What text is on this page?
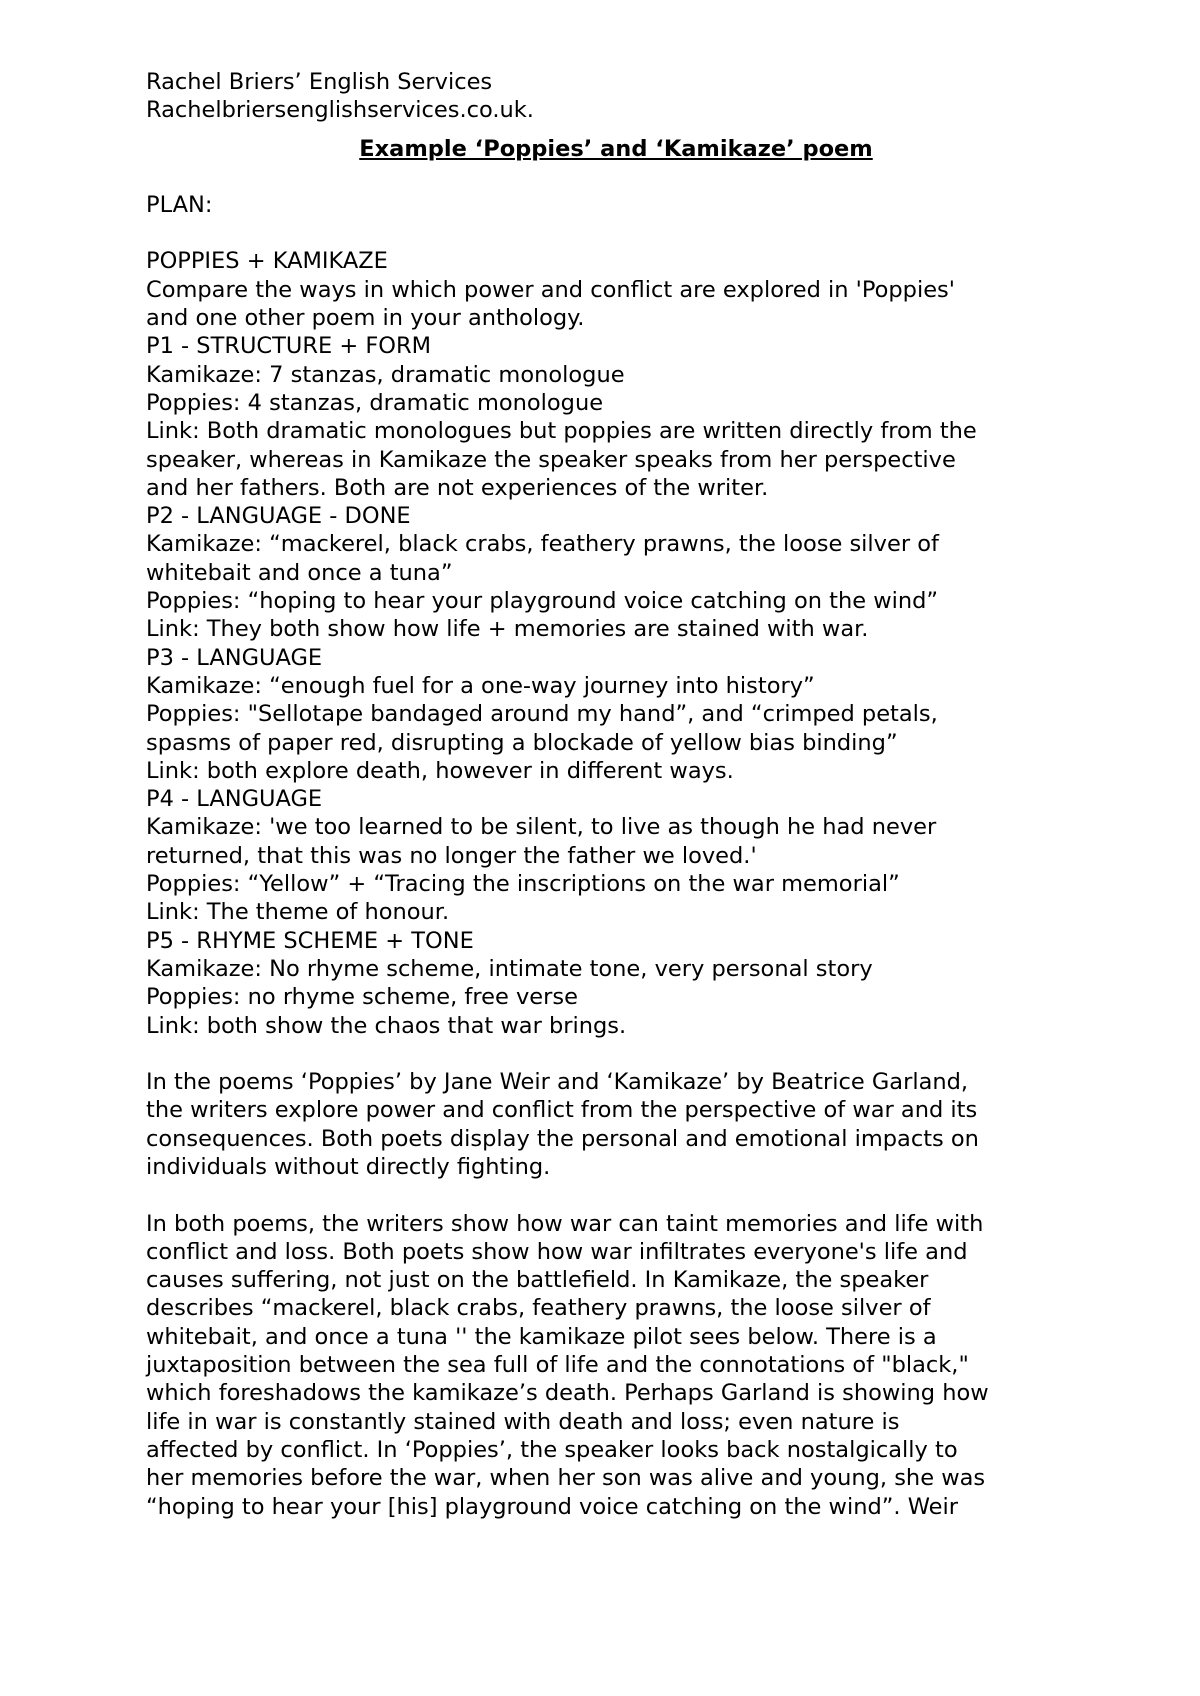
Rachel Briers’ English Services
Rachelbriersenglishservices.co.uk.
Example ‘Poppies’ and ‘Kamikaze’ poem
PLAN:
POPPIES + KAMIKAZE
Compare the ways in which power and conflict are explored in 'Poppies'
and one other poem in your anthology.
P1 - STRUCTURE + FORM
Kamikaze: 7 stanzas, dramatic monologue
Poppies: 4 stanzas, dramatic monologue
Link: Both dramatic monologues but poppies are written directly from the
speaker, whereas in Kamikaze the speaker speaks from her perspective
and her fathers. Both are not experiences of the writer.
P2 - LANGUAGE - DONE
Kamikaze: “mackerel, black crabs, feathery prawns, the loose silver of
whitebait and once a tuna”
Poppies: “hoping to hear your playground voice catching on the wind”
Link: They both show how life + memories are stained with war.
P3 - LANGUAGE
Kamikaze: “enough fuel for a one-way journey into history”
Poppies: "Sellotape bandaged around my hand”, and “crimped petals,
spasms of paper red, disrupting a blockade of yellow bias binding”
Link: both explore death, however in different ways.
P4 - LANGUAGE
Kamikaze: 'we too learned to be silent, to live as though he had never
returned, that this was no longer the father we loved.'
Poppies: “Yellow” + “Tracing the inscriptions on the war memorial”
Link: The theme of honour.
P5 - RHYME SCHEME + TONE
Kamikaze: No rhyme scheme, intimate tone, very personal story
Poppies: no rhyme scheme, free verse
Link: both show the chaos that war brings.
In the poems ‘Poppies’ by Jane Weir and ‘Kamikaze’ by Beatrice Garland,
the writers explore power and conflict from the perspective of war and its
consequences. Both poets display the personal and emotional impacts on
individuals without directly fighting.
In both poems, the writers show how war can taint memories and life with
conflict and loss. Both poets show how war infiltrates everyone's life and
causes suffering, not just on the battlefield. In Kamikaze, the speaker
describes “mackerel, black crabs, feathery prawns, the loose silver of
whitebait, and once a tuna '' the kamikaze pilot sees below. There is a
juxtaposition between the sea full of life and the connotations of "black,"
which foreshadows the kamikaze’s death. Perhaps Garland is showing how
life in war is constantly stained with death and loss; even nature is
affected by conflict. In ‘Poppies’, the speaker looks back nostalgically to
her memories before the war, when her son was alive and young, she was
“hoping to hear your [his] playground voice catching on the wind”. Weir
